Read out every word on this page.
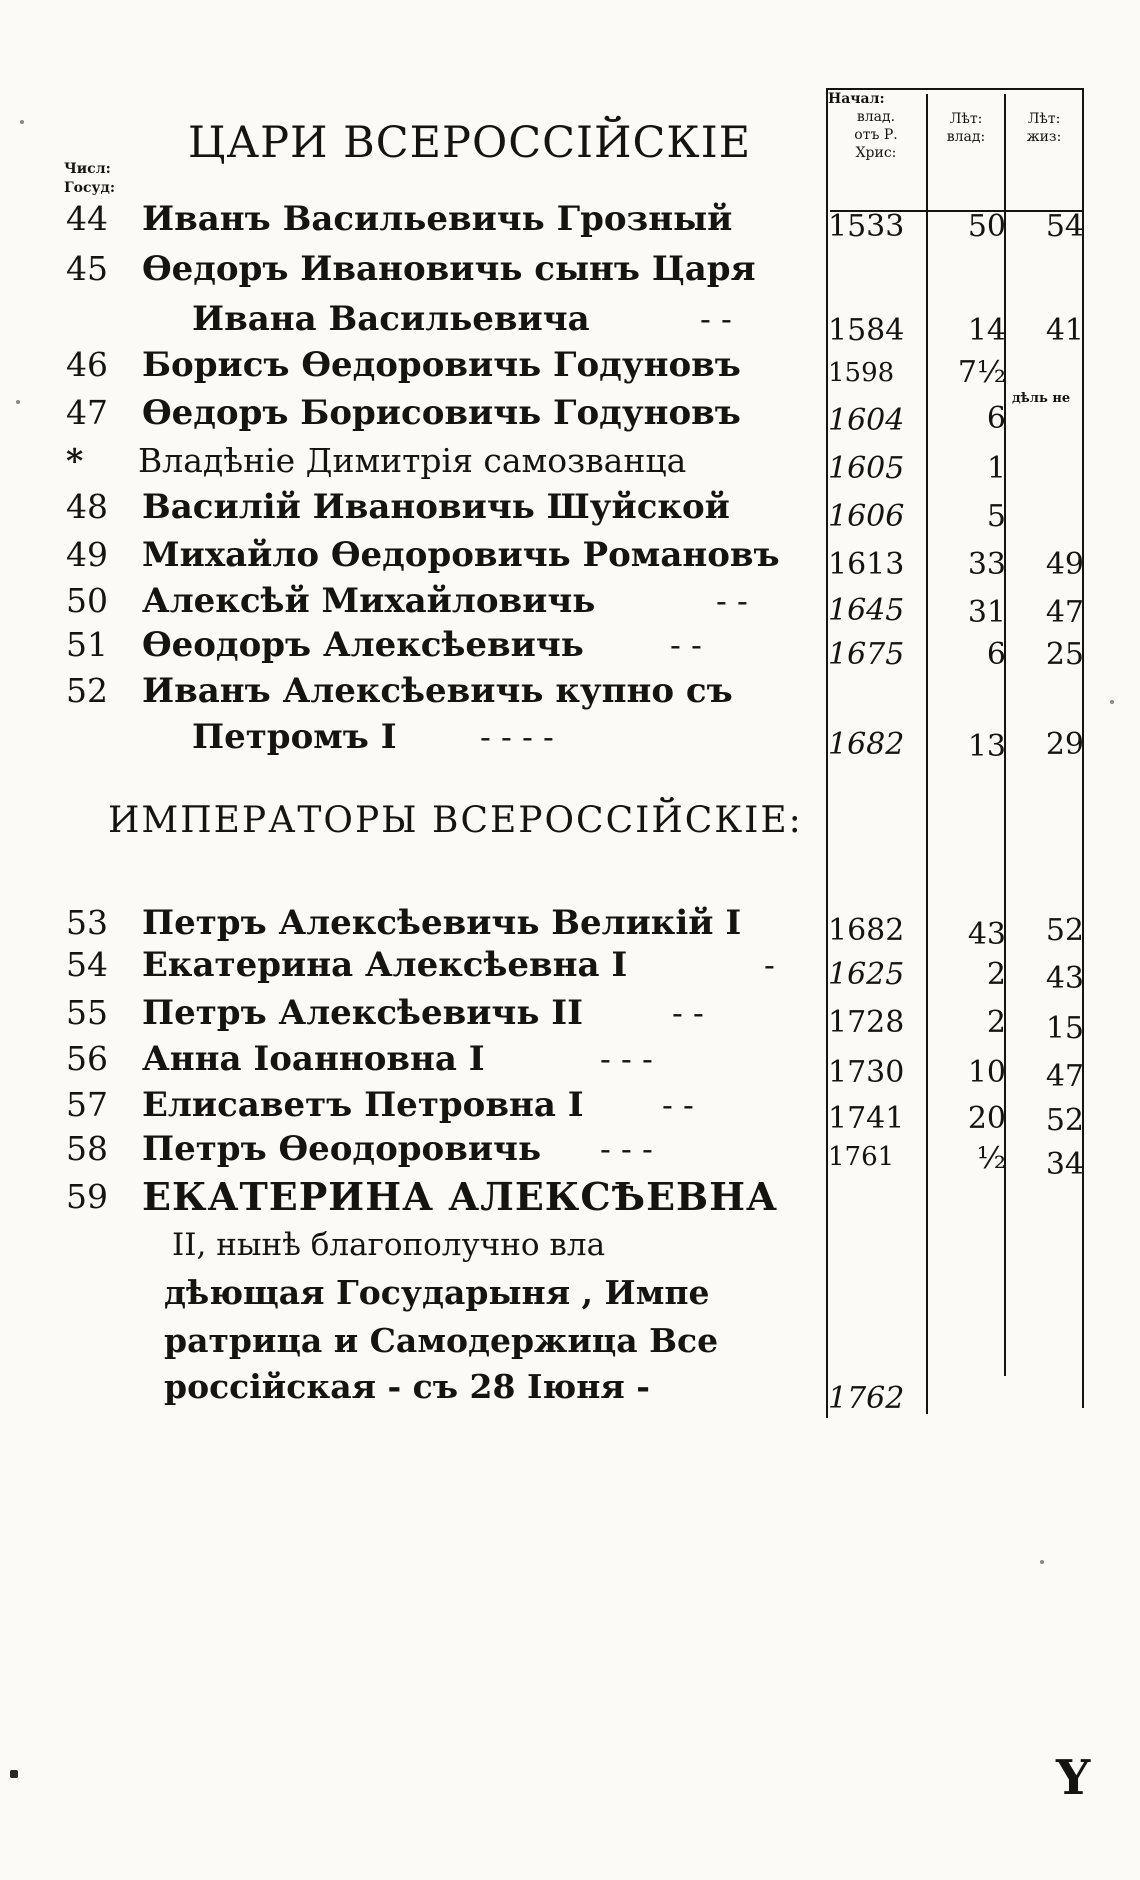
Числ:
Госуд:
ЦАРИ ВСЕРОССІЙСКІЕ
Начал:
влад.
отъ Р.
Хрис:
Лѣт:
влад:
Лѣт:
жиз:
44 Иванъ Васильевичь Грозный	1533	50	54
45 Ѳедоръ Ивановичь сынъ Царя
Ивана Васильевича	- -	1584	14	41
46 Борисъ Ѳедоровичь Годуновъ	1598	7½
47 Ѳедоръ Борисовичь Годуновъ	1604	6
дѣль не
* Владѣніе Димитрія самозванца	1605	1
48 Василій Ивановичь Шуйской	1606	5
49 Михайло Ѳедоровичь Романовъ 1613	33	49
50 Алексѣй Михайловичь	- -	1645	31	47
51 Ѳеодоръ Алексѣевичь	- -	1675	6	25
52 Иванъ Алексѣевичь купно съ
Петромъ I	- - - -	1682	13	29
ИМПЕРАТОРЫ ВСЕРОССІЙСКІЕ:
53 Петръ Алексѣевичь Великій I	1682	43	52
54 Екатерина Алексѣевна I	- 1625	2	43
55 Петръ Алексѣевичь II	- -	1728	2	15
56 Анна Іоанновна I	- - -	1730	10	47
57 Елисаветъ Петровна I - -	1741	20	52
58 Петръ Ѳеодоровичь - - -	1761	½	34
59 ЕКАТЕРИНА АЛЕКСѢЕВНА
II, нынѣ благополучно вла
дѣющая Государыня , Импе
ратрица и Самодержица Все
россійская - съ 28 Іюня -	1762
Y
